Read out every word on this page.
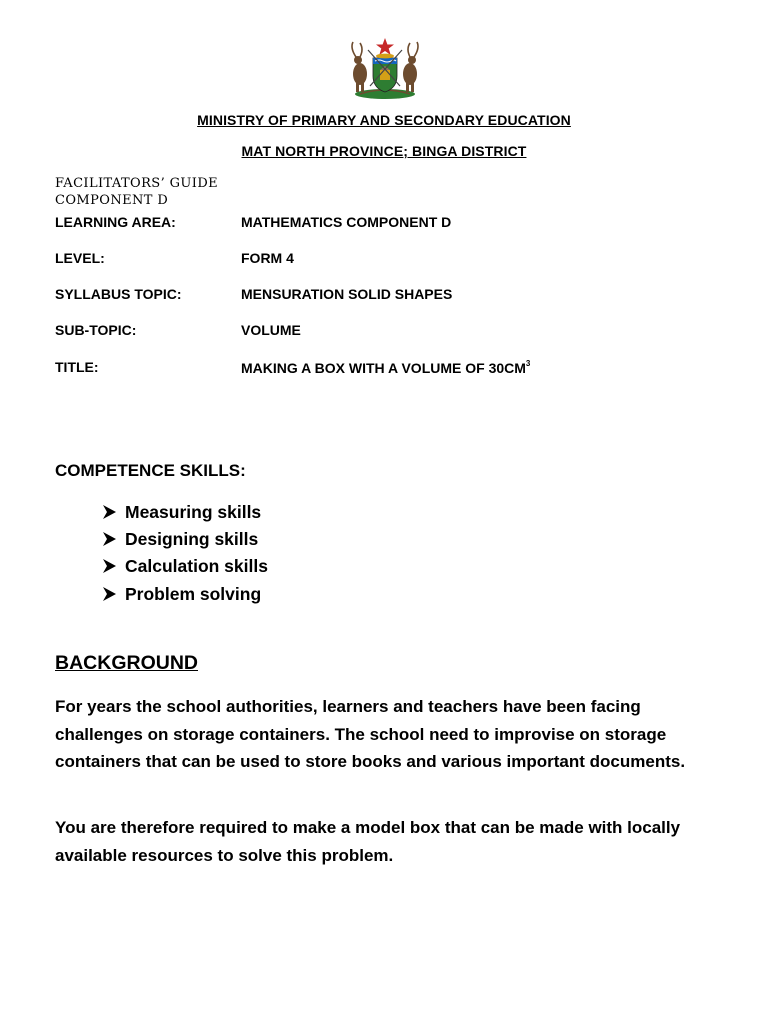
MINISTRY OF PRIMARY AND SECONDARY EDUCATION
MAT NORTH PROVINCE; BINGA DISTRICT
FACILITATORS’ GUIDE
COMPONENT D
LEARNING AREA:	MATHEMATICS COMPONENT D
LEVEL:	FORM 4
SYLLABUS TOPIC:	MENSURATION SOLID SHAPES
SUB-TOPIC:	VOLUME
TITLE:	MAKING A BOX WITH A VOLUME OF $30CM^3$
COMPETENCE SKILLS:
Measuring skills
Designing skills
Calculation skills
Problem solving
BACKGROUND

For years the school authorities, learners and teachers have been facing challenges on storage containers. The school need to improvise on storage containers that can be used to store books and various important documents.

You are therefore required to make a model box that can be made with locally available resources to solve this problem.
